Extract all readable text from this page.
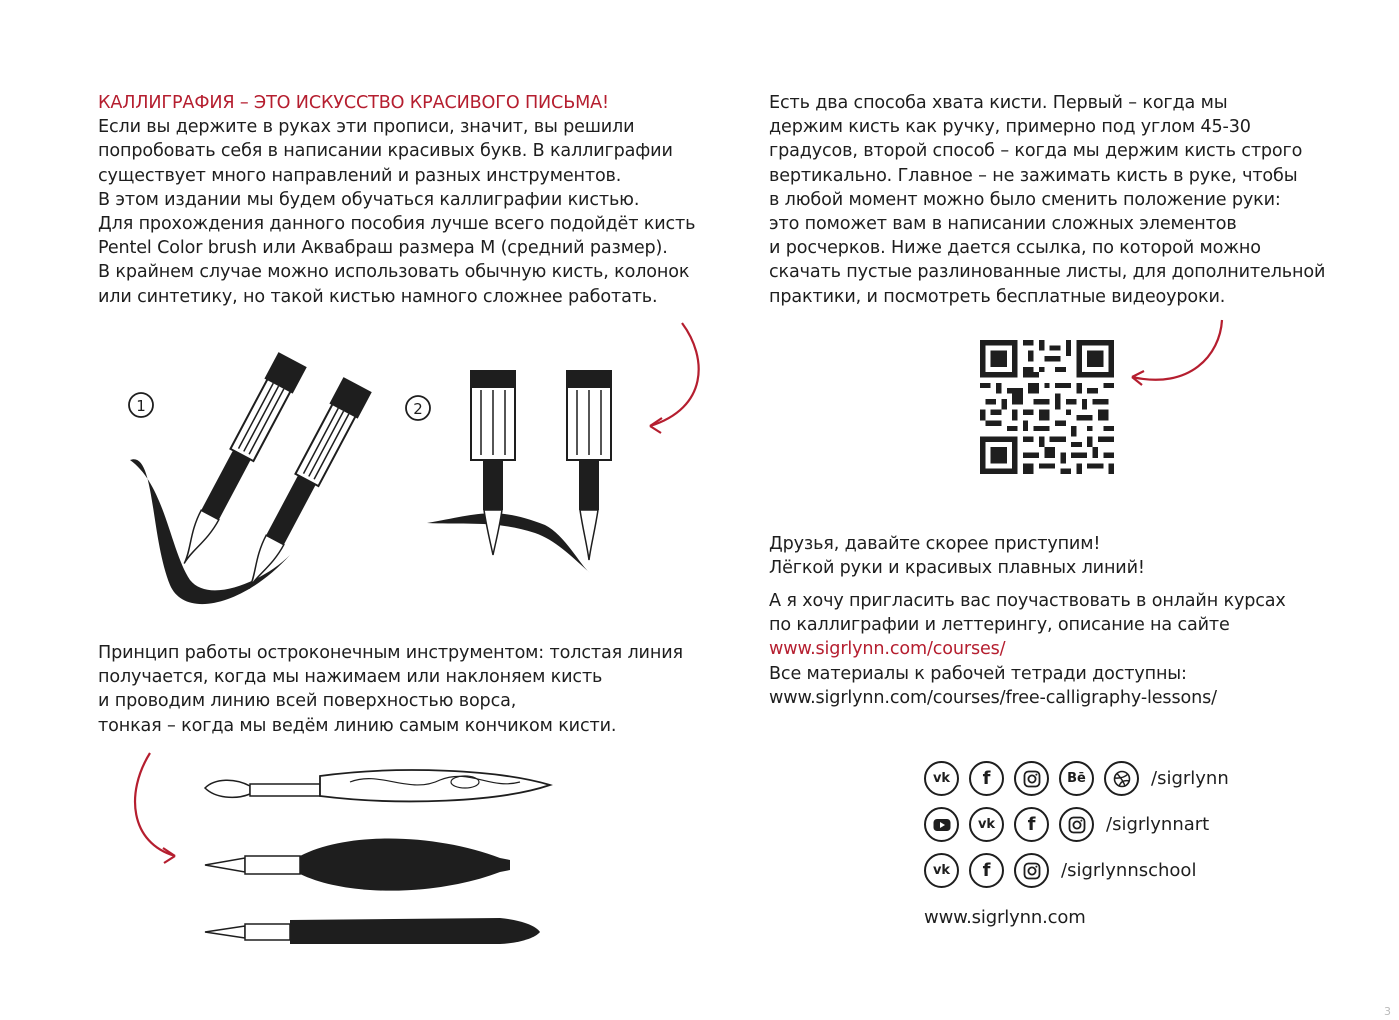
КАЛЛИГРАФИЯ – ЭТО ИСКУССТВО КРАСИВОГО ПИСЬМА!
Если вы держите в руках эти прописи, значит, вы решили
попробовать себя в написании красивых букв. В каллиграфии
существует много направлений и разных инструментов.
В этом издании мы будем обучаться каллиграфии кистью.
Для прохождения данного пособия лучше всего подойдёт кисть
Pentel Color brush или Аквабраш размера М (средний размер).
В крайнем случае можно использовать обычную кисть, колонок
или синтетику, но такой кистью намного сложнее работать.
1	2
Принцип работы остроконечным инструментом: толстая линия
получается, когда мы нажимаем или наклоняем кисть
и проводим линию всей поверхностью ворса,
тонкая – когда мы ведём линию самым кончиком кисти.
Есть два способа хвата кисти. Первый – когда мы
держим кисть как ручку, примерно под углом 45-30
градусов, второй способ – когда мы держим кисть строго
вертикально. Главное – не зажимать кисть в руке, чтобы
в любой момент можно было сменить положение руки:
это поможет вам в написании сложных элементов
и росчерков. Ниже дается ссылка, по которой можно
скачать пустые разлинованные листы, для дополнительной
практики, и посмотреть бесплатные видеоуроки.
Друзья, давайте скорее приступим!
Лёгкой руки и красивых плавных линий!
А я хочу пригласить вас поучаствовать в онлайн курсах
по каллиграфии и леттерингу, описание на сайте
www.sigrlynn.com/courses/
Все материалы к рабочей тетради доступны:
www.sigrlynn.com/courses/free-calligraphy-lessons/
vk	f	Bē	/sigrlynn
vk	f	/sigrlynnart
vk	f	/sigrlynnschool
www.sigrlynn.com
3
